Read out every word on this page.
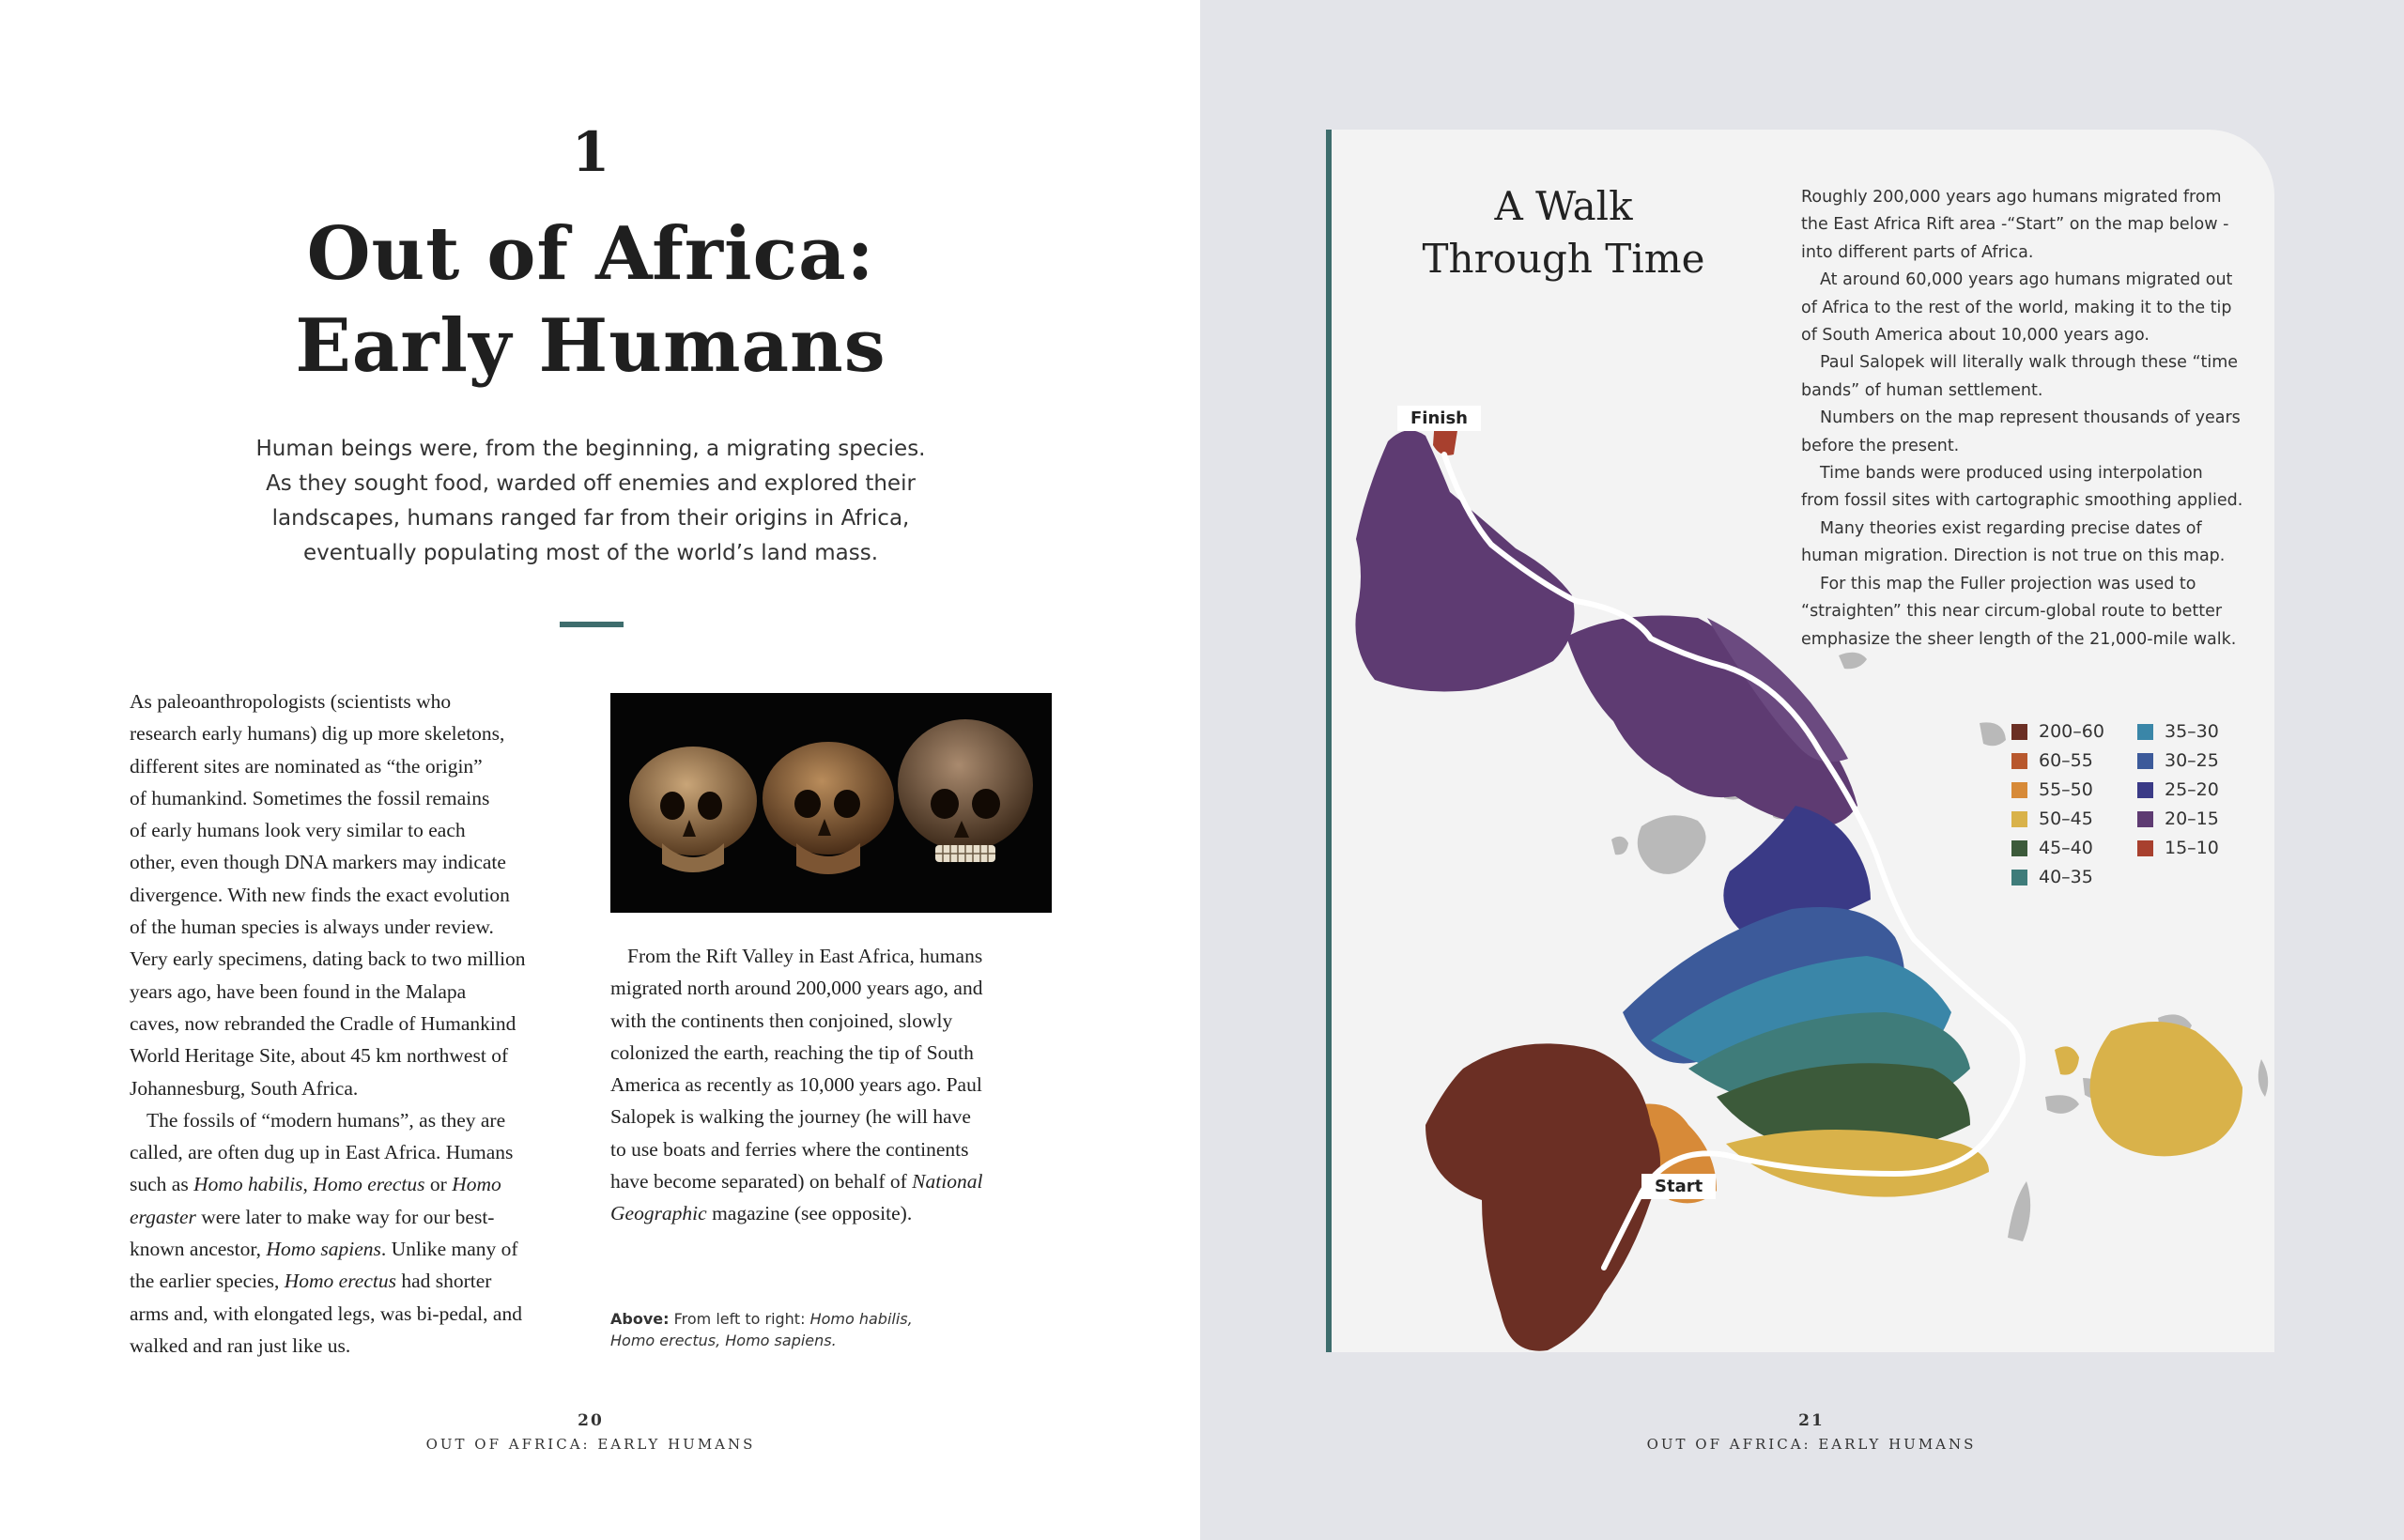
1
Out of Africa:
Early Humans
Human beings were, from the beginning, a migrating species.
As they sought food, warded off enemies and explored their
landscapes, humans ranged far from their origins in Africa,
eventually populating most of the world’s land mass.
As paleoanthropologists (scientists who
research early humans) dig up more skeletons,
different sites are nominated as “the origin”
of humankind. Sometimes the fossil remains
of early humans look very similar to each
other, even though DNA markers may indicate
divergence. With new finds the exact evolution
of the human species is always under review.
Very early specimens, dating back to two million
years ago, have been found in the Malapa
caves, now rebranded the Cradle of Humankind
World Heritage Site, about 45 km northwest of
Johannesburg, South Africa.
The fossils of “modern humans”, as they are
called, are often dug up in East Africa. Humans
such as Homo habilis, Homo erectus or Homo
ergaster were later to make way for our best-
known ancestor, Homo sapiens. Unlike many of
the earlier species, Homo erectus had shorter
arms and, with elongated legs, was bi-pedal, and
walked and ran just like us.
From the Rift Valley in East Africa, humans
migrated north around 200,000 years ago, and
with the continents then conjoined, slowly
colonized the earth, reaching the tip of South
America as recently as 10,000 years ago. Paul
Salopek is walking the journey (he will have
to use boats and ferries where the continents
have become separated) on behalf of National
Geographic magazine (see opposite).
Above: From left to right: Homo habilis,
Homo erectus, Homo sapiens.
20
OUT OF AFRICA: EARLY HUMANS
Finish
Start
A Walk
Through Time
Roughly 200,000 years ago humans migrated from
the East Africa Rift area -“Start” on the map below -
into different parts of Africa.
At around 60,000 years ago humans migrated out
of Africa to the rest of the world, making it to the tip
of South America about 10,000 years ago.
Paul Salopek will literally walk through these “time
bands” of human settlement.
Numbers on the map represent thousands of years
before the present.
Time bands were produced using interpolation
from fossil sites with cartographic smoothing applied.
Many theories exist regarding precise dates of
human migration. Direction is not true on this map.
For this map the Fuller projection was used to
“straighten” this near circum-global route to better
emphasize the sheer length of the 21,000-mile walk.
200–60
60–55
55–50
50–45
45–40
40–35
35–30
30–25
25–20
20–15
15–10
21
OUT OF AFRICA: EARLY HUMANS
